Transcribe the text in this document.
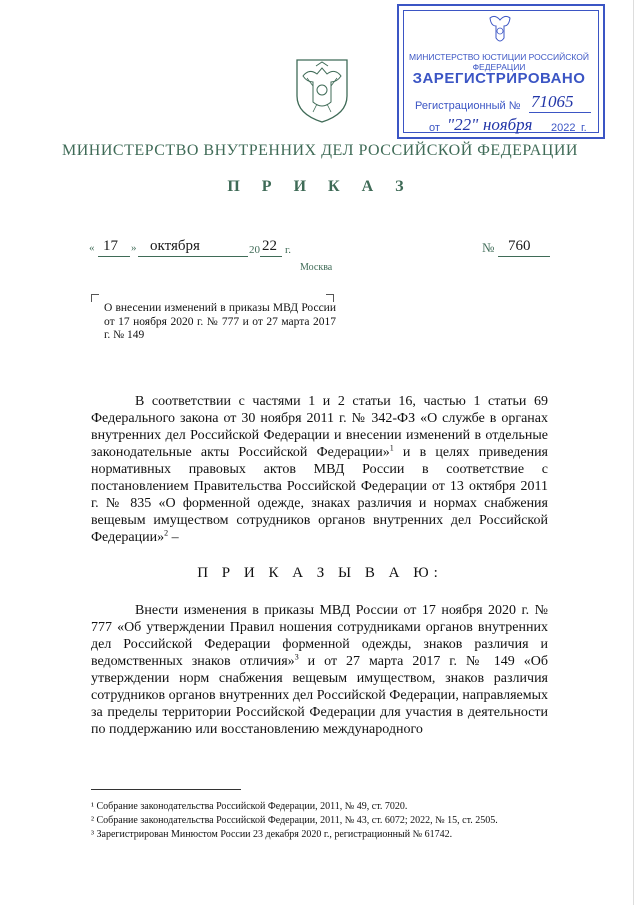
МИНИСТЕРСТВО ВНУТРЕННИХ ДЕЛ РОССИЙСКОЙ ФЕДЕРАЦИИ
П Р И К А З
« 17 » октября	20 22 г.	№ 760
Москва
О внесении изменений в приказы МВД России от 17 ноября 2020 г. № 777 и от 27 марта 2017 г. № 149
В соответствии с частями 1 и 2 статьи 16, частью 1 статьи 69 Федерального закона от 30 ноября 2011 г. № 342-ФЗ «О службе в органах внутренних дел Российской Федерации и внесении изменений в отдельные законодательные акты Российской Федерации»$^1$ и в целях приведения нормативных правовых актов МВД России в соответствие с постановлением Правительства Российской Федерации от 13 октября 2011 г. № 835 «О форменной одежде, знаках различия и нормах снабжения вещевым имуществом сотрудников органов внутренних дел Российской Федерации»$^2$ –
П Р И К А З Ы В А Ю:
Внести изменения в приказы МВД России от 17 ноября 2020 г. № 777 «Об утверждении Правил ношения сотрудниками органов внутренних дел Российской Федерации форменной одежды, знаков различия и ведомственных знаков отличия»$^3$ и от 27 марта 2017 г. № 149 «Об утверждении норм снабжения вещевым имуществом, знаков различия сотрудников органов внутренних дел Российской Федерации, направляемых за пределы территории Российской Федерации для участия в деятельности по поддержанию или восстановлению международного
¹ Собрание законодательства Российской Федерации, 2011, № 49, ст. 7020.
² Собрание законодательства Российской Федерации, 2011, № 43, ст. 6072; 2022, № 15, ст. 2505.
³ Зарегистрирован Минюстом России 23 декабря 2020 г., регистрационный № 61742.
МИНИСТЕРСТВО ЮСТИЦИИ РОССИЙСКОЙ ФЕДЕРАЦИИ
ЗАРЕГИСТРИРОВАНО
Регистрационный № 71065
от "22" ноября 2022 г.
